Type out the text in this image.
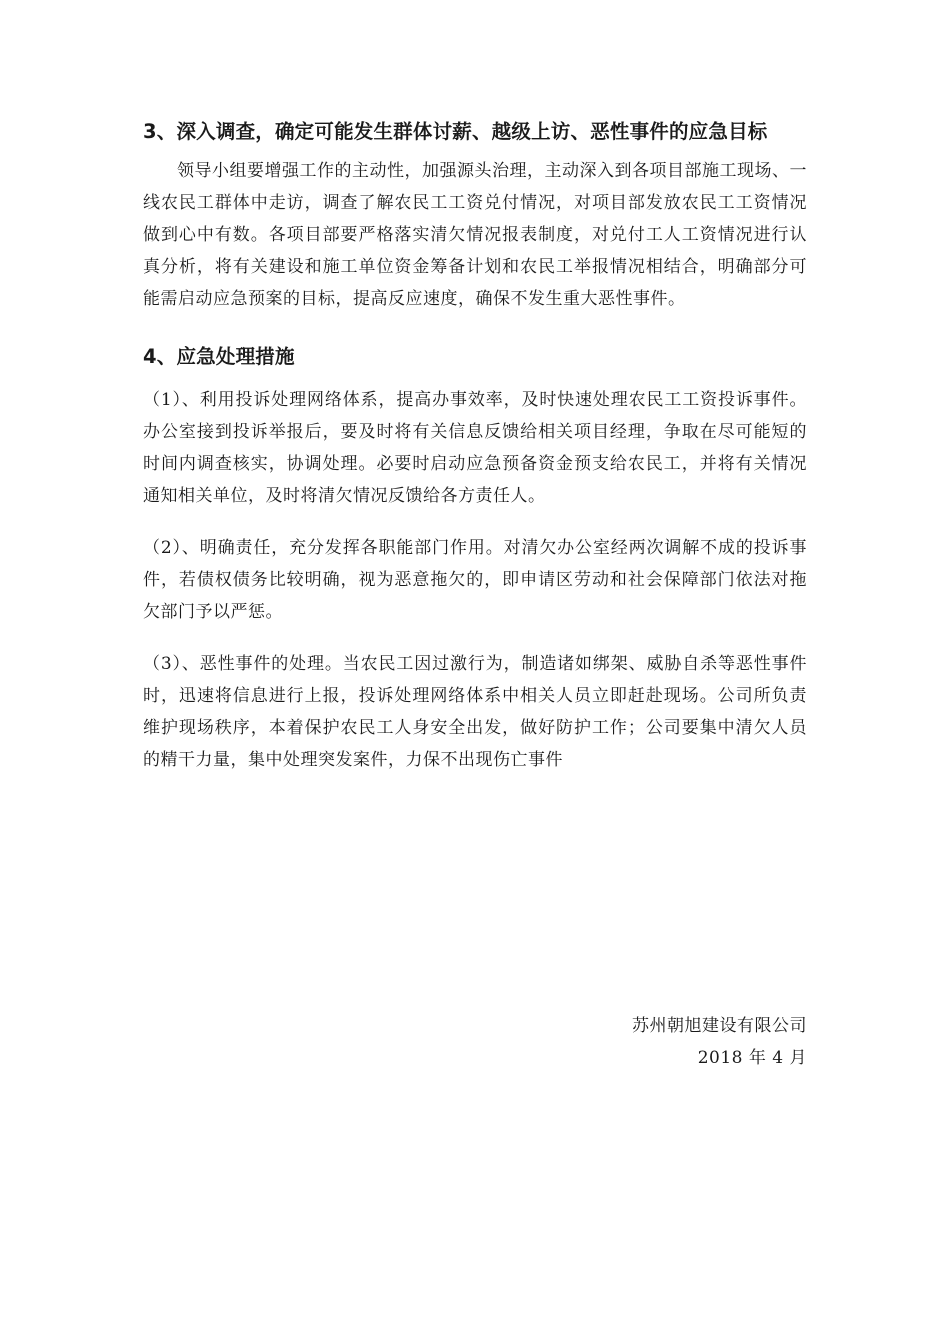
3、深入调查，确定可能发生群体讨薪、越级上访、恶性事件的应急目标

领导小组要增强工作的主动性，加强源头治理，主动深入到各项目部施工现场、一线农民工群体中走访，调查了解农民工工资兑付情况，对项目部发放农民工工资情况做到心中有数。各项目部要严格落实清欠情况报表制度，对兑付工人工资情况进行认真分析，将有关建设和施工单位资金筹备计划和农民工举报情况相结合，明确部分可能需启动应急预案的目标，提高反应速度，确保不发生重大恶性事件。

4、应急处理措施

（1）、利用投诉处理网络体系，提高办事效率，及时快速处理农民工工资投诉事件。办公室接到投诉举报后，要及时将有关信息反馈给相关项目经理，争取在尽可能短的时间内调查核实，协调处理。必要时启动应急预备资金预支给农民工，并将有关情况通知相关单位，及时将清欠情况反馈给各方责任人。

（2）、明确责任，充分发挥各职能部门作用。对清欠办公室经两次调解不成的投诉事件，若债权债务比较明确，视为恶意拖欠的，即申请区劳动和社会保障部门依法对拖欠部门予以严惩。

（3）、恶性事件的处理。当农民工因过激行为，制造诸如绑架、威胁自杀等恶性事件时，迅速将信息进行上报，投诉处理网络体系中相关人员立即赶赴现场。公司所负责维护现场秩序，本着保护农民工人身安全出发，做好防护工作；公司要集中清欠人员的精干力量，集中处理突发案件，力保不出现伤亡事件

苏州朝旭建设有限公司
2018 年 4 月
